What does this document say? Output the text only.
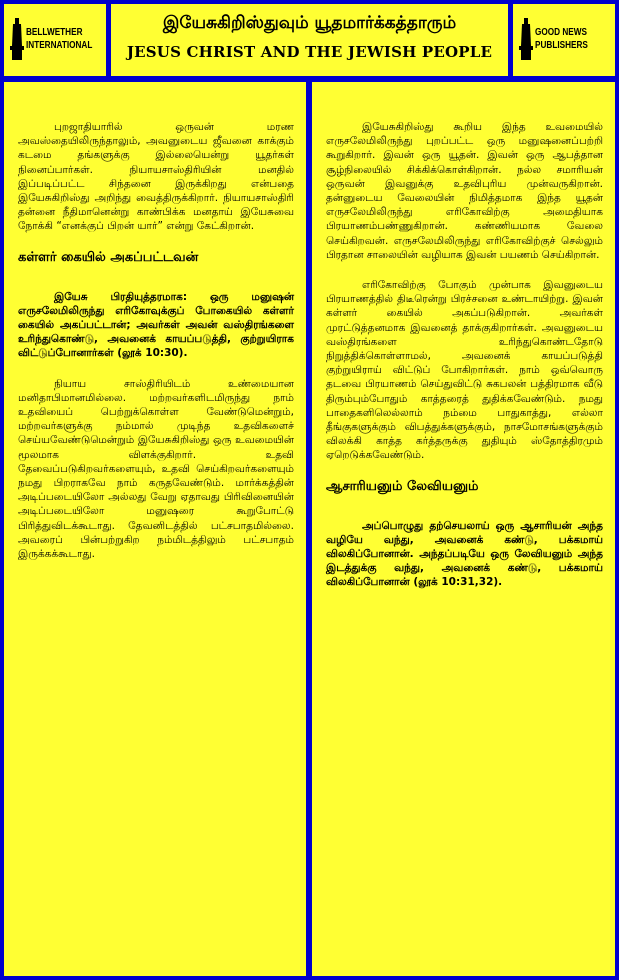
BELLWETHER INTERNATIONAL
இயேசுகிறிஸ்துவும் யூதமார்க்கத்தாரும்
JESUS CHRIST AND THE JEWISH PEOPLE
GOOD NEWS PUBLISHERS

புறஜாதியாரில் ஒருவன் மரண அவஸ்தையிலிருந்தாலும், அவனுடைய ஜீவனை காக்கும் கடமை தங்களுக்கு இல்லையென்று யூதர்கள் நினைப்பார்கள். நியாயசாஸ்திரியின் மனதில் இப்படிப்பட்ட சிந்தனை இருக்கிறது என்பதை இயேசுகிறிஸ்து அறிந்து வைத்திருக்கிறார். நியாயசாஸ்திரி தன்னை நீதிமானென்று காண்பிக்க மனதாய் இயேசுவை நோக்கி “எனக்குப் பிறன் யார்” என்று கேட்கிறான்.

கள்ளர் கையில் அகப்பட்டவன்

இயேசு பிரதியுத்தரமாக: ஒரு மனுஷன் எருசலேமிலிருந்து எரிகோவுக்குப் போகையில் கள்ளர் கையில் அகப்பட்டான்; அவர்கள் அவன் வஸ்திரங்களை உரிந்துகொண்டு, அவனைக் காயப்படுத்தி, குற்றுயிராக விட்டுப்போனார்கள் (லூக் 10:30).

நியாய சாஸ்திரியிடம் உண்மையான மனிதாபிமானமில்லை. மற்றவர்களிடமிருந்து நாம் உதவியைப் பெற்றுக்கொள்ள வேண்டுமென்றும், மற்றவர்களுக்கு நம்மால் முடிந்த உதவிகளைச் செய்யவேண்டுமென்றும் இயேசுகிறிஸ்து ஒரு உவமையின் மூலமாக விளக்குகிறார். உதவி தேவைப்படுகிறவர்களையும், உதவி செய்கிறவர்களையும் நமது பிறராகவே நாம் கருதவேண்டும். மார்க்கத்தின் அடிப்படையிலோ அல்லது வேறு ஏதாவது பிரிவினையின் அடிப்படையிலோ மனுஷரை கூறுபோட்டு பிரித்துவிடக்கூடாது. தேவனிடத்தில் பட்சபாதமில்லை. அவரைப் பின்பற்றுகிற நம்மிடத்திலும் பட்சபாதம் இருக்கக்கூடாது.

இயேசுகிறிஸ்து கூறிய இந்த உவமையில் எருசலேமிலிருந்து புறப்பட்ட ஒரு மனுஷனைப்பற்றி கூறுகிறார். இவன் ஒரு யூதன். இவன் ஒரு ஆபத்தான சூழ்நிலையில் சிக்கிக்கொள்கிறான். நல்ல சமாரியன் ஒருவன் இவனுக்கு உதவிபுரிய முன்வருகிறான். தன்னுடைய வேலையின் நிமித்தமாக இந்த யூதன் எருசலேமிலிருந்து எரிகோவிற்கு அமைதியாக பிரயாணம்பண்ணுகிறான். கண்ணியமாக வேலை செய்கிறவன். எருசலேமிலிருந்து எரிகோவிற்குச் செல்லும் பிரதான சாலையின் வழியாக இவன் பயணம் செய்கிறான்.

எரிகோவிற்கு போகும் முன்பாக இவனுடைய பிரயாணத்தில் திடீரென்று பிரச்சனை உண்டாயிற்று. இவன் கள்ளர் கையில் அகப்படுகிறான். அவர்கள் முரட்டுத்தனமாக இவனைத் தாக்குகிறார்கள். அவனுடைய வஸ்திரங்களை உரிந்துகொண்டதோடு நிறுத்திக்கொள்ளாமல், அவனைக் காயப்படுத்தி குற்றுயிராய் விட்டுப் போகிறார்கள். நாம் ஒவ்வொரு தடவை பிரயாணம் செய்துவிட்டு சுகபலன் பத்திரமாக வீடு திரும்பும்போதும் காத்தரைத் துதிக்கவேண்டும். நமது பாதைகளிலெல்லாம் நம்மை பாதுகாத்து, எல்லா தீங்குகளுக்கும் விபத்துக்களுக்கும், நாசமோசங்களுக்கும் விலக்கி காத்த கர்த்தருக்கு துதியும் ஸ்தோத்திரமும் ஏறெடுக்கவேண்டும்.

ஆசாரியனும் லேவியனும்

அப்பொழுது தற்செயலாய் ஒரு ஆசாரியன் அந்த வழியே வந்து, அவனைக் கண்டு, பக்கமாய் விலகிப்போனான். அந்தப்படியே ஒரு லேவியனும் அந்த இடத்துக்கு வந்து, அவனைக் கண்டு, பக்கமாய் விலகிப்போனான் (லூக் 10:31,32).
